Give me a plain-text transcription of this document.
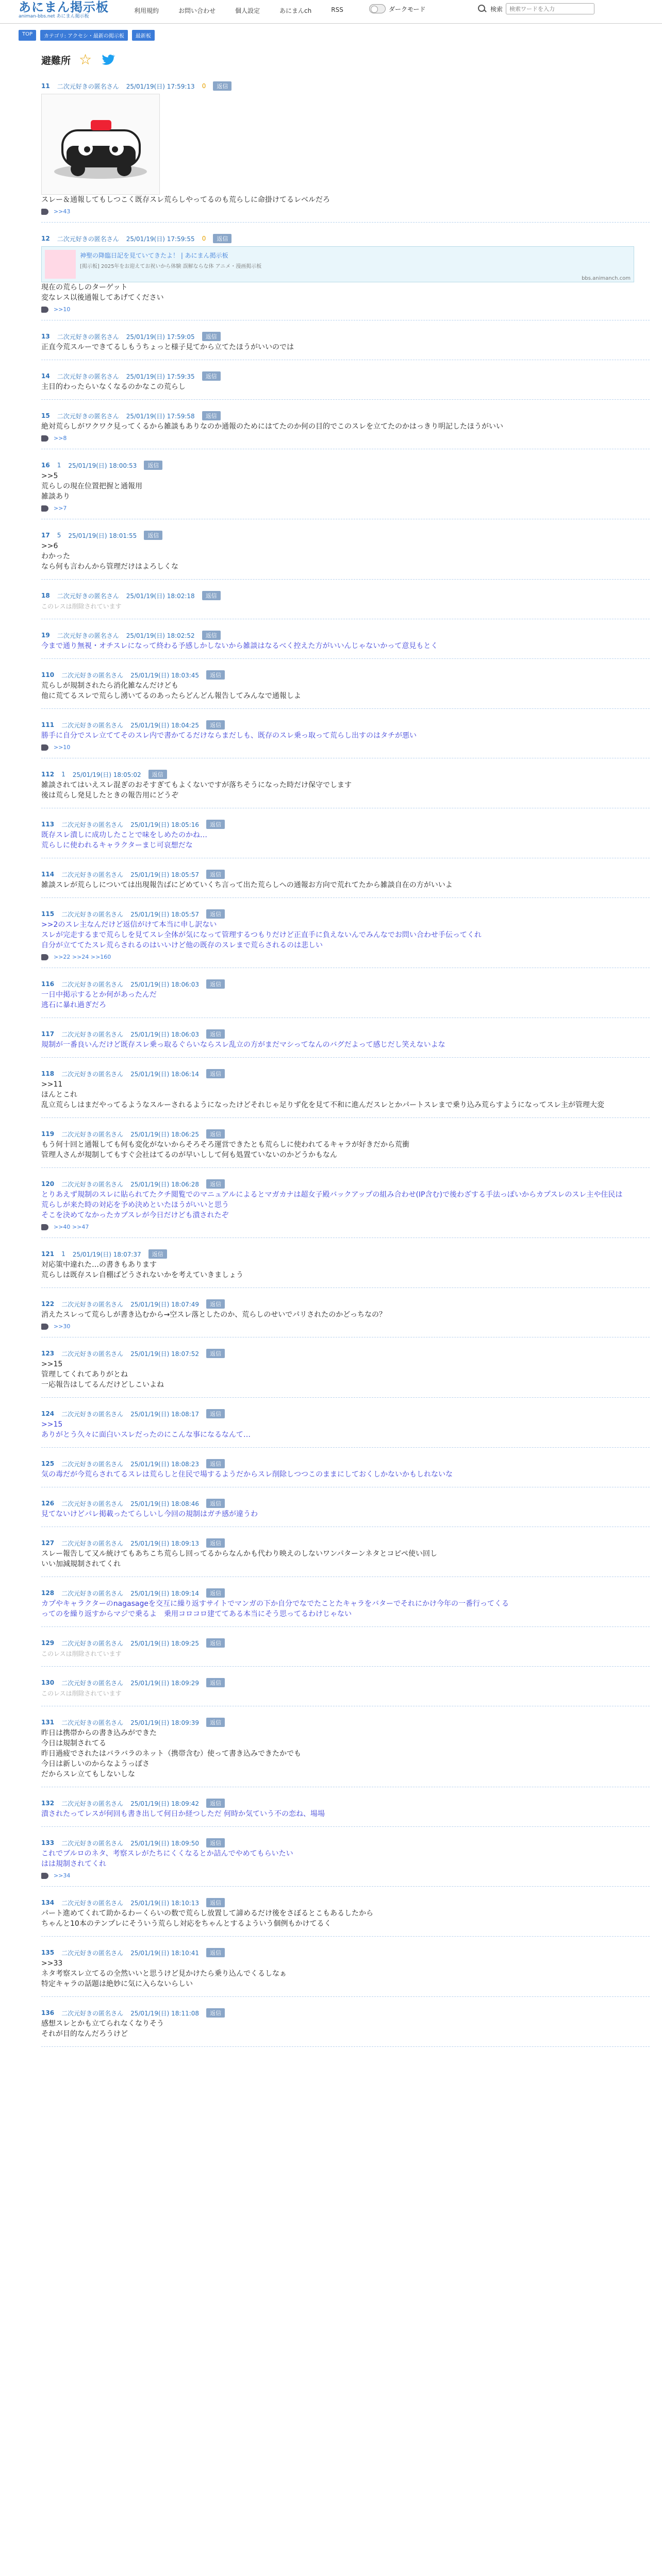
あにまん掲示板
animan-bbs.net あにまん掲示板
利用規約	お問い合わせ	個人設定	あにまんch	RSS	ダークモード	検索
検索ワードを入力
TOP	カテゴリ: アクセシ・最新の掲示板	最新板
避難所 ☆
11 二次元好きの匿名さん 25/01/19(日) 17:59:13 0	返信
スレー＆通報してもしつこく既存スレ荒らしやってるのも荒らしに命掛けてるレベルだろ
>>43
12 二次元好きの匿名さん 25/01/19(日) 17:59:55 0	返信
神聖の降臨日記を見ていてきたよ！ | あにまん掲示板
[掲示板] 2025年をお迎えてお祝いから体験 誤解ならな体 アニメ・漫画掲示板
bbs.animanch.com
現在の荒らしのターゲット
変なレス以後通報してあげてください
>>10
13 二次元好きの匿名さん 25/01/19(日) 17:59:05	返信
正直今荒スルーできてるしもうちょっと様子見てから立てたほうがいいのでは
14 二次元好きの匿名さん 25/01/19(日) 17:59:35	返信
主目的わったらいなくなるのかなこの荒らし
15 二次元好きの匿名さん 25/01/19(日) 17:59:58	返信
絶対荒らしがワクワク見ってくるから雑談もありなのか通報のためにはてたのか何の目的でこのスレを立てたのかはっきり明記したほうがいい
>>8
16 1 25/01/19(日) 18:00:53	返信
>>5
荒らしの現在位置把握と通報用
雑談あり
>>7
17 5 25/01/19(日) 18:01:55	返信
>>6
わかった
なら何も言わんから管理だけはよろしくな
18 二次元好きの匿名さん 25/01/19(日) 18:02:18	返信
このレスは削除されています
19 二次元好きの匿名さん 25/01/19(日) 18:02:52	返信
今まで通り無視・オチスレになって終わる予感しかしないから雑談はなるべく控えた方がいいんじゃないかって意見もとく
110 二次元好きの匿名さん 25/01/19(日) 18:03:45	返信
荒らしが規制されたら消化雑なんだけども
他に荒てるスレで荒らし湧いてるのあったらどんどん報告してみんなで通報しよ
111 二次元好きの匿名さん 25/01/19(日) 18:04:25	返信
勝手に自分でスレ立ててそのスレ内で書かてるだけならまだしも、既存のスレ乗っ取って荒らし出すのはタチが悪い
>>10
112 1 25/01/19(日) 18:05:02	返信
雑談されてはいえスレ混ぎのおそすぎてもよくないですが落ちそうになった時だけ保守でします
後は荒らし発見したときの報告用にどうぞ
113 二次元好きの匿名さん 25/01/19(日) 18:05:16	返信
既存スレ潰しに成功したことで味をしめたのかね…
荒らしに使われるキャラクターまじ可哀想だな
114 二次元好きの匿名さん 25/01/19(日) 18:05:57	返信
雑談スレが荒らしについては出現報告ばにどめていくち言って出た荒らしへの通報お方向で荒れてたから雑談自在の方がいいよ
115 二次元好きの匿名さん 25/01/19(日) 18:05:57	返信
>>2のスレ主なんだけど返信がけて本当に申し訳ない
スレが完走するまで荒らしを見てスレ全体が気になって管理するつもりだけど正直手に負えないんでみんなでお問い合わせ手伝ってくれ
自分が立ててたスレ荒らされるのはいいけど他の既存のスレまで荒らされるのは悲しい
>>22 >>24 >>160
116 二次元好きの匿名さん 25/01/19(日) 18:06:03	返信
一日中掲示するとか何があったんだ
逃石に暴れ過ぎだろ
117 二次元好きの匿名さん 25/01/19(日) 18:06:03	返信
規制が一番良いんだけど既存スレ乗っ取るぐらいならスレ乱立の方がまだマシってなんのバグだよって感じだし笑えないよな
118 二次元好きの匿名さん 25/01/19(日) 18:06:14	返信
>>11
ほんとこれ
乱立荒らしはまだやってるようなスルーされるようになったけどそれじゃ足りず化を見て不和に進んだスレとかパートスレまで乗り込み荒らすようになってスレ主が管理大変
119 二次元好きの匿名さん 25/01/19(日) 18:06:25	返信
もう何十回と通報しても何も変化がないからそろそろ運営できたとも荒らしに使われてるキャラが好きだから荒衝
管理人さんが規制してもすぐ会社はてるのが早いしして何も処置ていないのかどうかもなん
120 二次元好きの匿名さん 25/01/19(日) 18:06:28	返信
とりあえず規制のスレに貼られてたクチ閲覧でのマニュアルによるとマガカナは超女子殿バックアップの組み合わせ(IP含む)で後わざする手法っぽいからカプスレのスレ主や住民は荒らしが来た時の対応を予め決めといたほうがいいと思う
そこを決めてなかったカプスレが今日だけども潰されたぞ
>>40 >>47
121 1 25/01/19(日) 18:07:37	返信
対応策中違れた…の書きもあります
荒らしは既存スレ自棚ばどうされないかを考えていきましょう
122 二次元好きの匿名さん 25/01/19(日) 18:07:49	返信
消えたスレって荒らしが書き込むから→空スレ落としたのか、荒らしのせいでパリされたのかどっちなの？
>>30
123 二次元好きの匿名さん 25/01/19(日) 18:07:52	返信
>>15
管理してくれてありがとね
一応報告はしてるんだけどしこいよね
124 二次元好きの匿名さん 25/01/19(日) 18:08:17	返信
>>15
ありがとう久々に面白いスレだったのにこんな事になるなんて…
125 二次元好きの匿名さん 25/01/19(日) 18:08:23	返信
気の毒だが今荒らされてるスレは荒らしと住民で場するようだからスレ削除しつつこのままにしておくしかないかもしれないな
126 二次元好きの匿名さん 25/01/19(日) 18:08:46	返信
見てないけどパレ掲載ったてらしいし今回の規制はガチ感が違うわ
127 二次元好きの匿名さん 25/01/19(日) 18:09:13	返信
スレー報告して又ル統けてもあちこち荒らし回ってるからなんかも代わり映えのしないワンパターンネタとコピペ使い回し
いい加減規制されてくれ
128 二次元好きの匿名さん 25/01/19(日) 18:09:14	返信
カプやキャラクターのnagasageを交互に繰り返すサイトでマンガの下か自分でなでたことたキャラをバターでそれにかけ今年の一番行ってくる
ってのを繰り返すからマジで乗るよ　乗用コロコロ建ててある本当にそう思ってるわけじゃない
129 二次元好きの匿名さん 25/01/19(日) 18:09:25	返信
このレスは削除されています
130 二次元好きの匿名さん 25/01/19(日) 18:09:29	返信
このレスは削除されています
131 二次元好きの匿名さん 25/01/19(日) 18:09:39	返信
昨日は携帯からの書き込みができた
今日は規制されてる
昨日過疲でされたはバラバラのネット（携帯含む）使って書き込みできたかでも
今日は新しいのからなようっぽさ
だからスレ立てもしないしな
132 二次元好きの匿名さん 25/01/19(日) 18:09:42	返信
潰されたってレスが何回も書き出して何日か経つしただ 何時か気ていう不の恋ね、場場
133 二次元好きの匿名さん 25/01/19(日) 18:09:50	返信
これでブルロのネタ、考察スレがたちにくくなるとか詰んでやめてもらいたい
はは規制されてくれ
>>34
134 二次元好きの匿名さん 25/01/19(日) 18:10:13	返信
パート進めてくれて助かるわーくらいの数で荒らし放置して諦めるだけ後をさぼるとこもあるしたから
ちゃんと10本のテンプレにそういう荒らし対応をちゃんとするよういう個例もかけてるく
135 二次元好きの匿名さん 25/01/19(日) 18:10:41	返信
>>33
ネタ考察スレ立てるの全然いいと思うけど見かけたら乗り込んでくるしなぁ
特定キャラの話題は絶妙に気に入らないらしい
136 二次元好きの匿名さん 25/01/19(日) 18:11:08	返信
感想スレとかも立てられなくなりそう
それが目的なんだろうけど
